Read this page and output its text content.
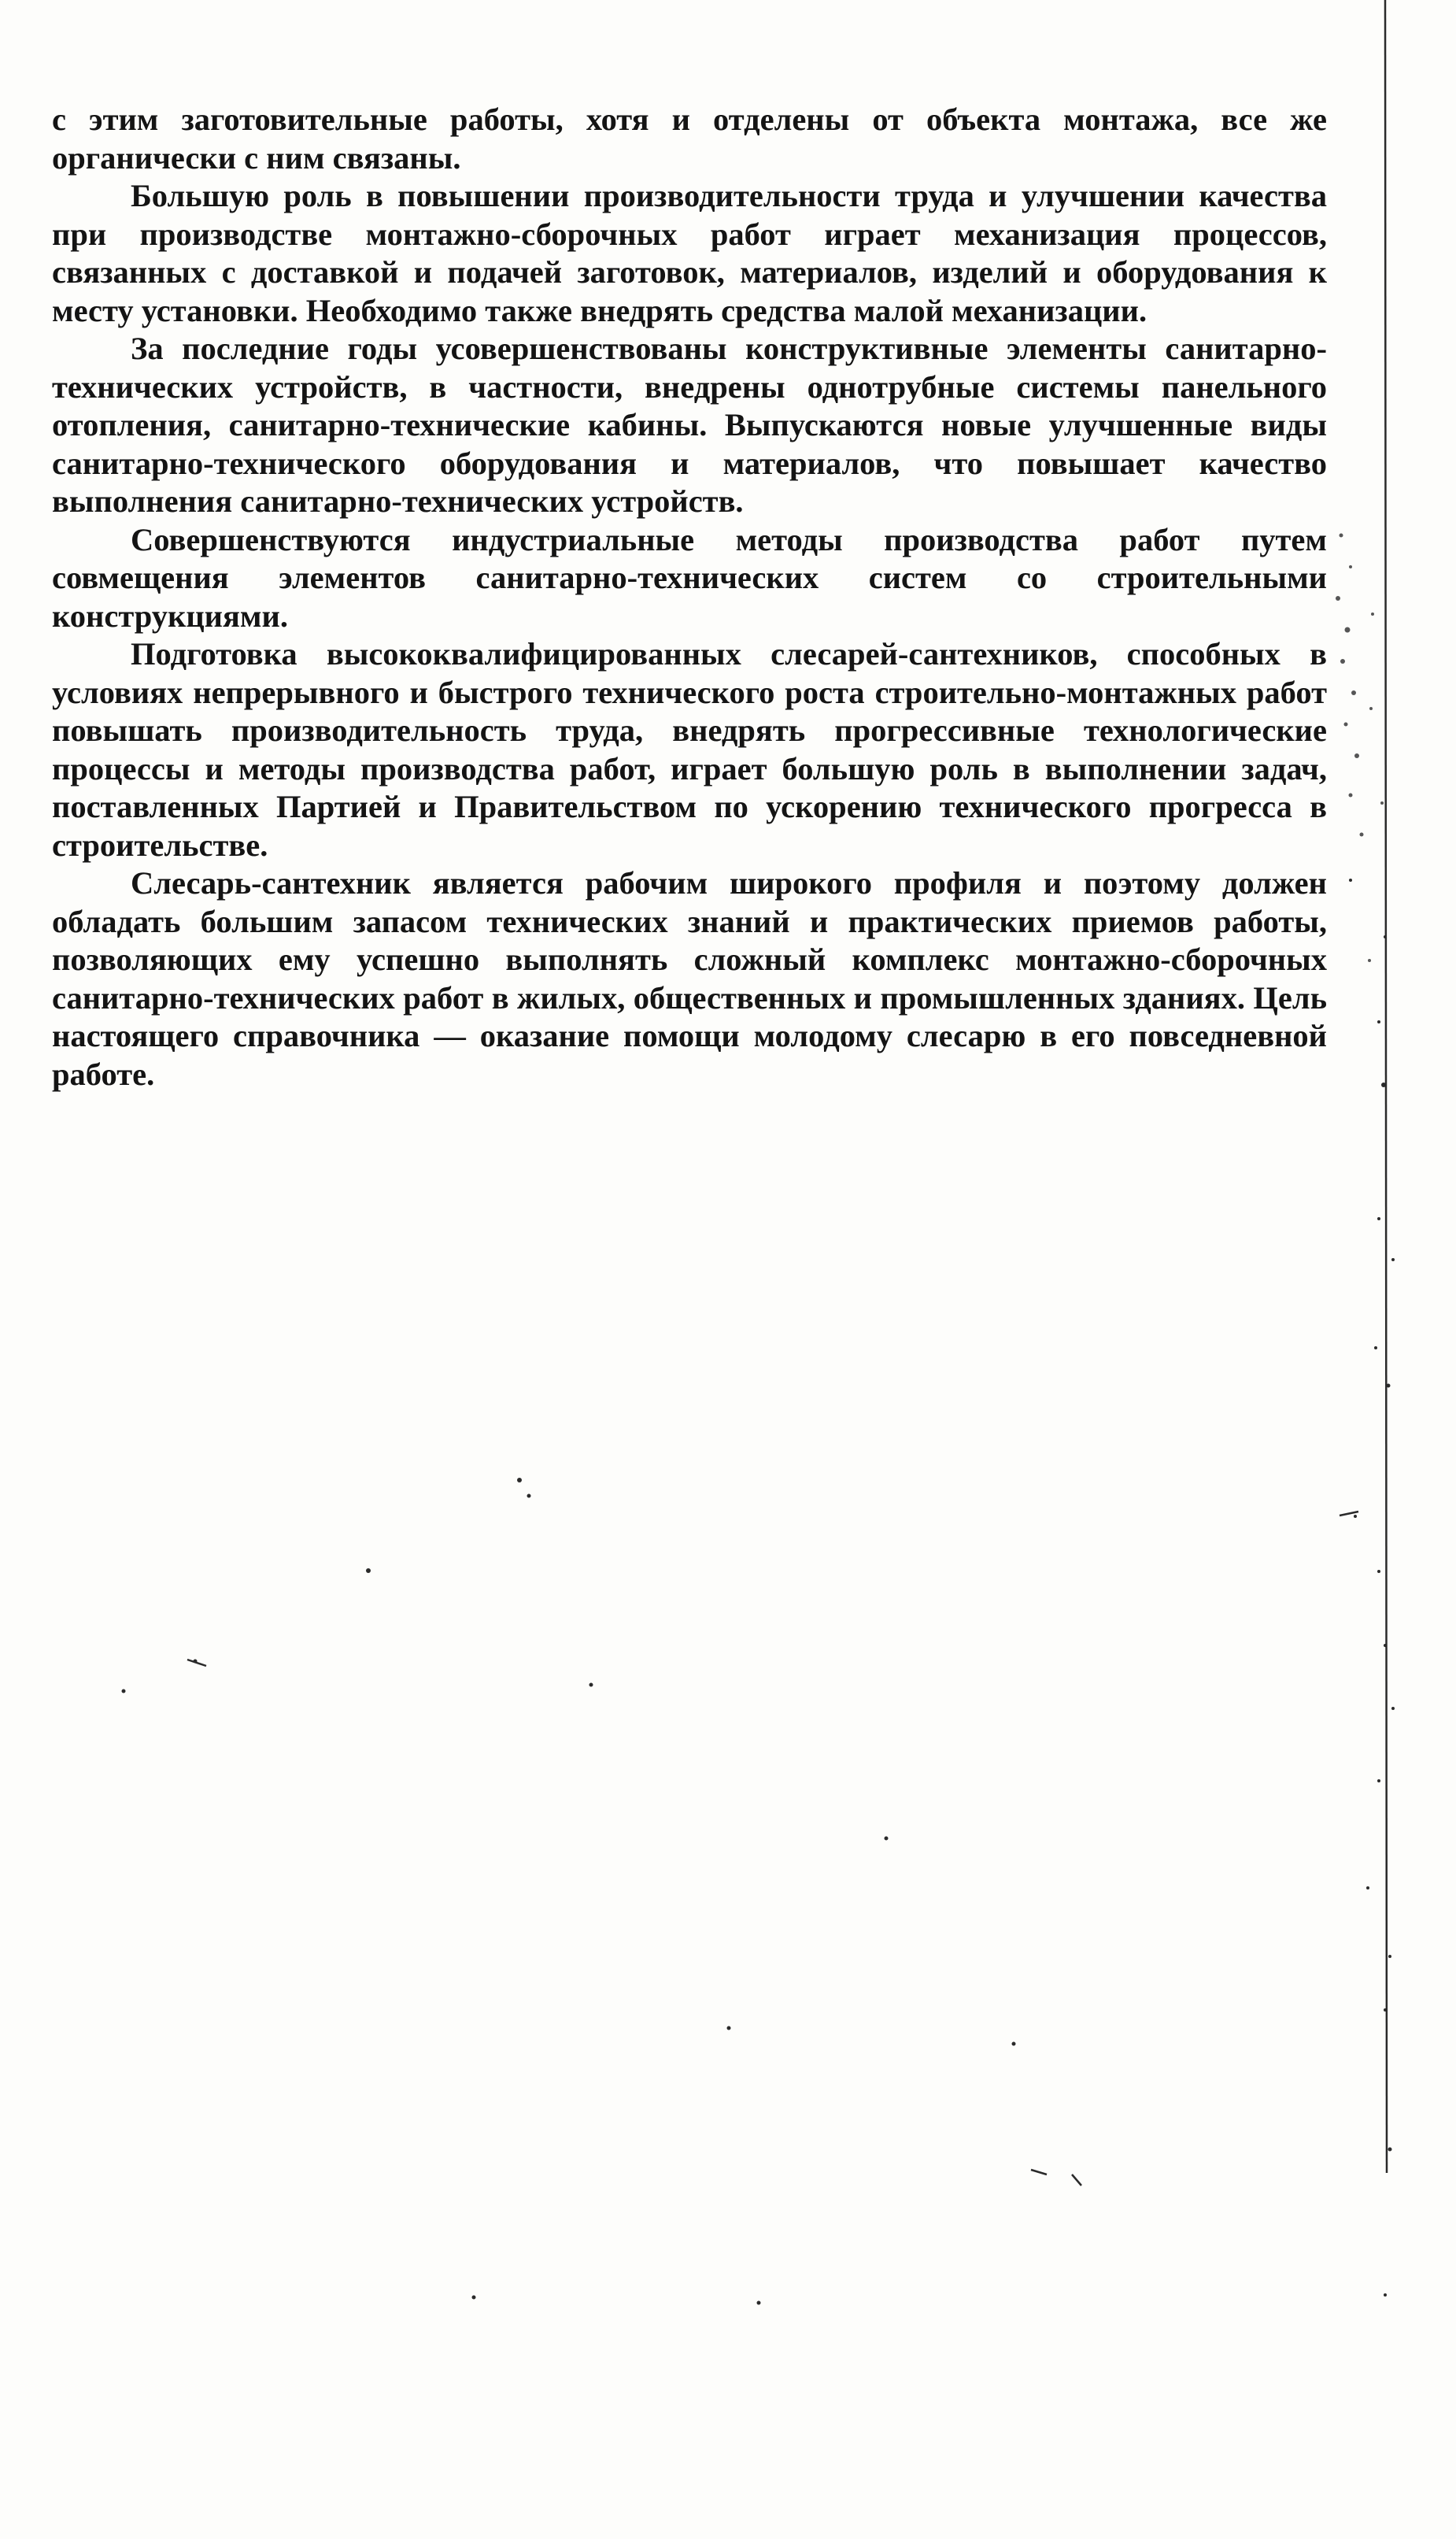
с этим заготовительные работы, хотя и отделены от объекта монтажа, все же органически с ним связаны.

Большую роль в повышении производительности труда и улучшении качества при производстве монтажно-сборочных работ играет механизация процессов, связанных с доставкой и подачей заготовок, материалов, изделий и оборудования к месту установки. Необходимо также внедрять средства малой механизации.

За последние годы усовершенствованы конструктивные элементы санитарно-технических устройств, в частности, внедрены однотрубные системы панельного отопления, санитарно-технические кабины. Выпускаются новые улучшенные виды санитарно-технического оборудования и материалов, что повышает качество выполнения санитарно-технических устройств.

Совершенствуются индустриальные методы производства работ путем совмещения элементов санитарно-технических систем со строительными конструкциями.

Подготовка высококвалифицированных слесарей-сантехников, способных в условиях непрерывного и быстрого технического роста строительно-монтажных работ повышать производительность труда, внедрять прогрессивные технологические процессы и методы производства работ, играет большую роль в выполнении задач, поставленных Партией и Правительством по ускорению технического прогресса в строительстве.

Слесарь-сантехник является рабочим широкого профиля и поэтому должен обладать большим запасом технических знаний и практических приемов работы, позволяющих ему успешно выполнять сложный комплекс монтажно-сборочных санитарно-технических работ в жилых, общественных и промышленных зданиях. Цель настоящего справочника — оказание помощи молодому слесарю в его повседневной работе.
